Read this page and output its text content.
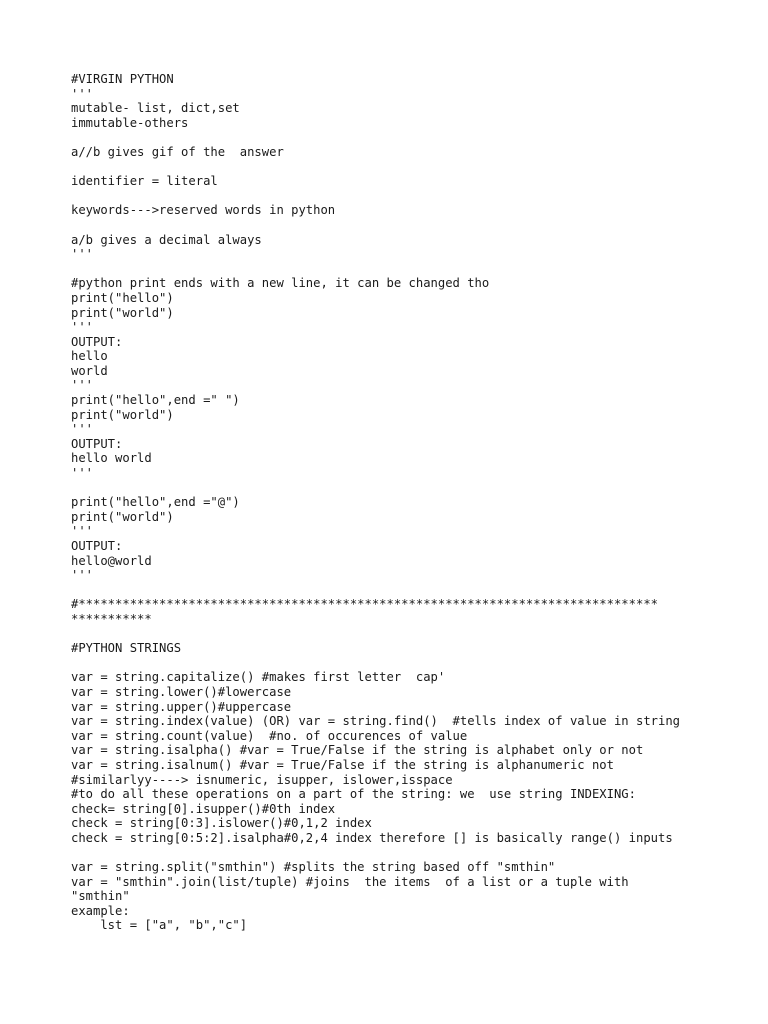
#VIRGIN PYTHON
'''
mutable- list, dict,set
immutable-others
a//b gives gif of the  answer
identifier = literal
keywords--->reserved words in python
a/b gives a decimal always
'''
#python print ends with a new line, it can be changed tho
print("hello")
print("world")
'''
OUTPUT:
hello
world
'''
print("hello",end =" ")
print("world")
'''
OUTPUT:
hello world
'''
print("hello",end ="@")
print("world")
'''
OUTPUT:
hello@world
'''
#*******************************************************************************
***********
#PYTHON STRINGS
var = string.capitalize() #makes first letter  cap'
var = string.lower()#lowercase
var = string.upper()#uppercase
var = string.index(value) (OR) var = string.find()  #tells index of value in string
var = string.count(value)  #no. of occurences of value
var = string.isalpha() #var = True/False if the string is alphabet only or not
var = string.isalnum() #var = True/False if the string is alphanumeric not
#similarlyy----> isnumeric, isupper, islower,isspace
#to do all these operations on a part of the string: we  use string INDEXING:
check= string[0].isupper()#0th index
check = string[0:3].islower()#0,1,2 index
check = string[0:5:2].isalpha#0,2,4 index therefore [] is basically range() inputs
var = string.split("smthin") #splits the string based off "smthin"
var = "smthin".join(list/tuple) #joins  the items  of a list or a tuple with
"smthin"
example:
lst = ["a", "b","c"]
